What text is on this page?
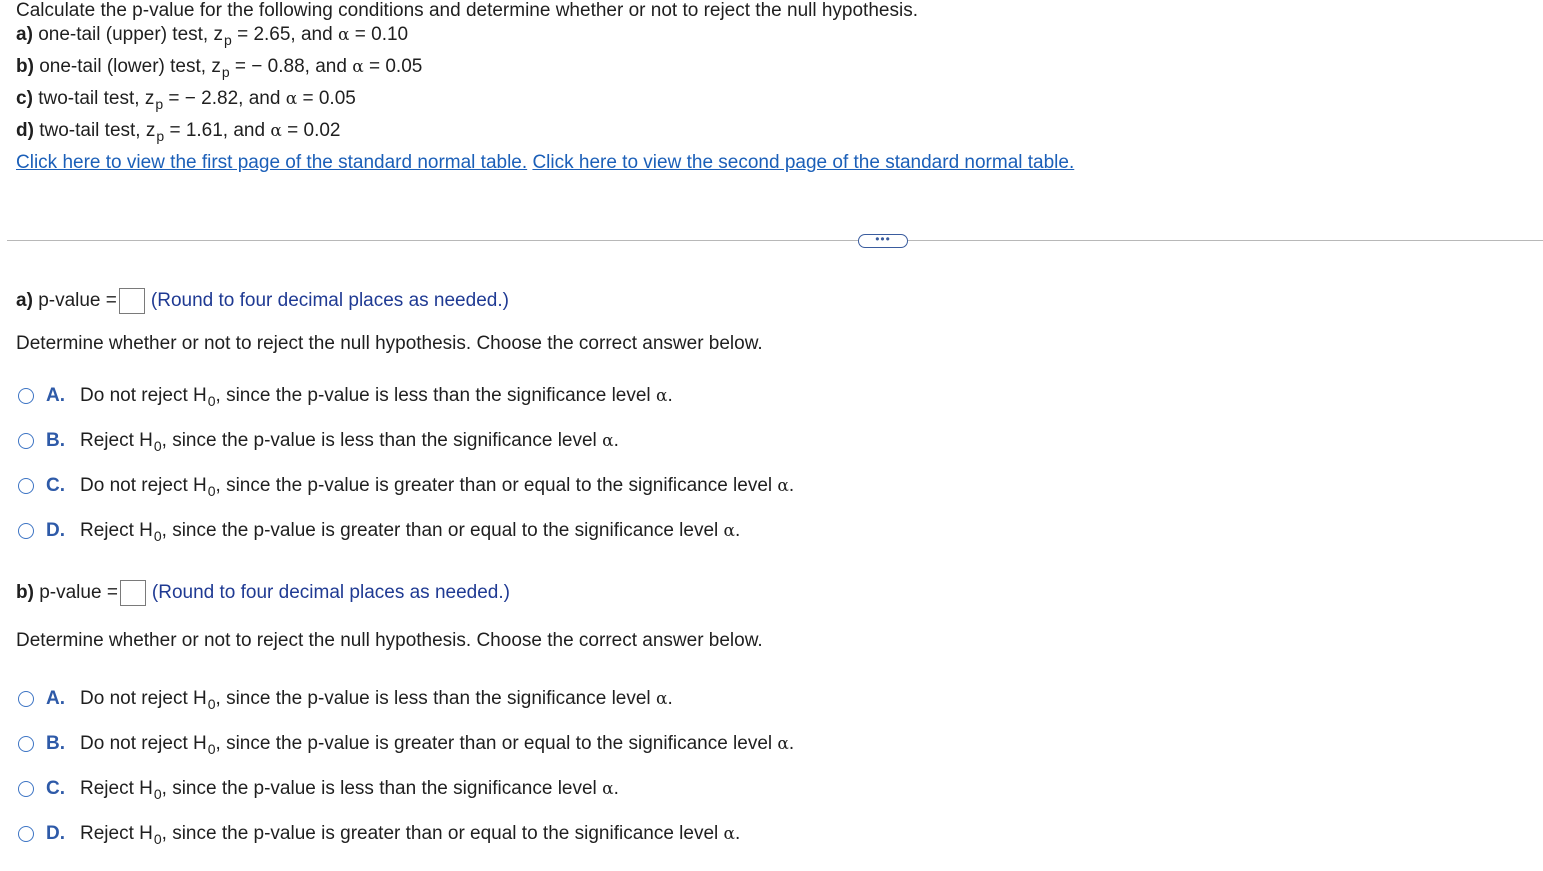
Calculate the p-value for the following conditions and determine whether or not to reject the null hypothesis.
a) one-tail (upper) test, $z_p = 2.65$, and α = 0.10
b) one-tail (lower) test, $z_p$ = − 0.88, and α = 0.05
c) two-tail test, $z_p$ = − 2.82, and α = 0.05
d) two-tail test, $z_p = 1.61$, and α = 0.02
Click here to view the first page of the standard normal table. Click here to view the second page of the standard normal table.
•••
a)
p-value = (Round to four decimal places as needed.)
Determine whether or not to reject the null hypothesis. Choose the correct answer below.
A. Do not reject H 0 , since the p-value is less than the significance level
α .
B. Reject H 0 , since the p-value is less than the significance level
α .
C. Do not reject H 0 , since the p-value is greater than or equal to the significance level
α .
D. Reject H 0 , since the p-value is greater than or equal to the significance level
α .
b)
p-value = (Round to four decimal places as needed.)
Determine whether or not to reject the null hypothesis. Choose the correct answer below.
A. Do not reject H 0 , since the p-value is less than the significance level
α .
B. Do not reject H 0 , since the p-value is greater than or equal to the significance level
α .
C. Reject H 0 , since the p-value is less than the significance level
α .
D. Reject H 0 , since the p-value is greater than or equal to the significance level
α .
